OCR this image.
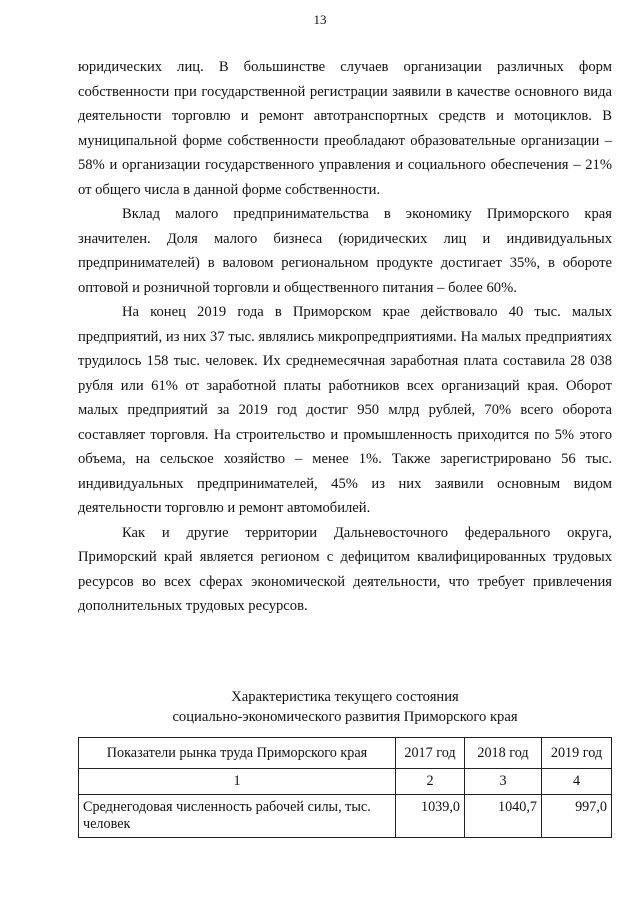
13

юридических лиц. В большинстве случаев организации различных форм собственности при государственной регистрации заявили в качестве основного вида деятельности торговлю и ремонт автотранспортных средств и мотоциклов. В муниципальной форме собственности преобладают образовательные организации – 58% и организации государственного управления и социального обеспечения – 21% от общего числа в данной форме собственности.

Вклад малого предпринимательства в экономику Приморского края значителен. Доля малого бизнеса (юридических лиц и индивидуальных предпринимателей) в валовом региональном продукте достигает 35%, в обороте оптовой и розничной торговли и общественного питания – более 60%.

На конец 2019 года в Приморском крае действовало 40 тыс. малых предприятий, из них 37 тыс. являлись микропредприятиями. На малых предприятиях трудилось 158 тыс. человек. Их среднемесячная заработная плата составила 28 038 рубля или 61% от заработной платы работников всех организаций края. Оборот малых предприятий за 2019 год достиг 950 млрд рублей, 70% всего оборота составляет торговля. На строительство и промышленность приходится по 5% этого объема, на сельское хозяйство – менее 1%. Также зарегистрировано 56 тыс. индивидуальных предпринимателей, 45% из них заявили основным видом деятельности торговлю и ремонт автомобилей.

Как и другие территории Дальневосточного федерального округа, Приморский край является регионом с дефицитом квалифицированных трудовых ресурсов во всех сферах экономической деятельности, что требует привлечения дополнительных трудовых ресурсов.

Характеристика текущего состояния
социально-экономического развития Приморского края
Показатели рынка труда Приморского края	2017 год	2018 год	2019 год
1	2	3	4
Среднегодовая численность рабочей силы, тыс. человек	1039,0	1040,7	997,0
